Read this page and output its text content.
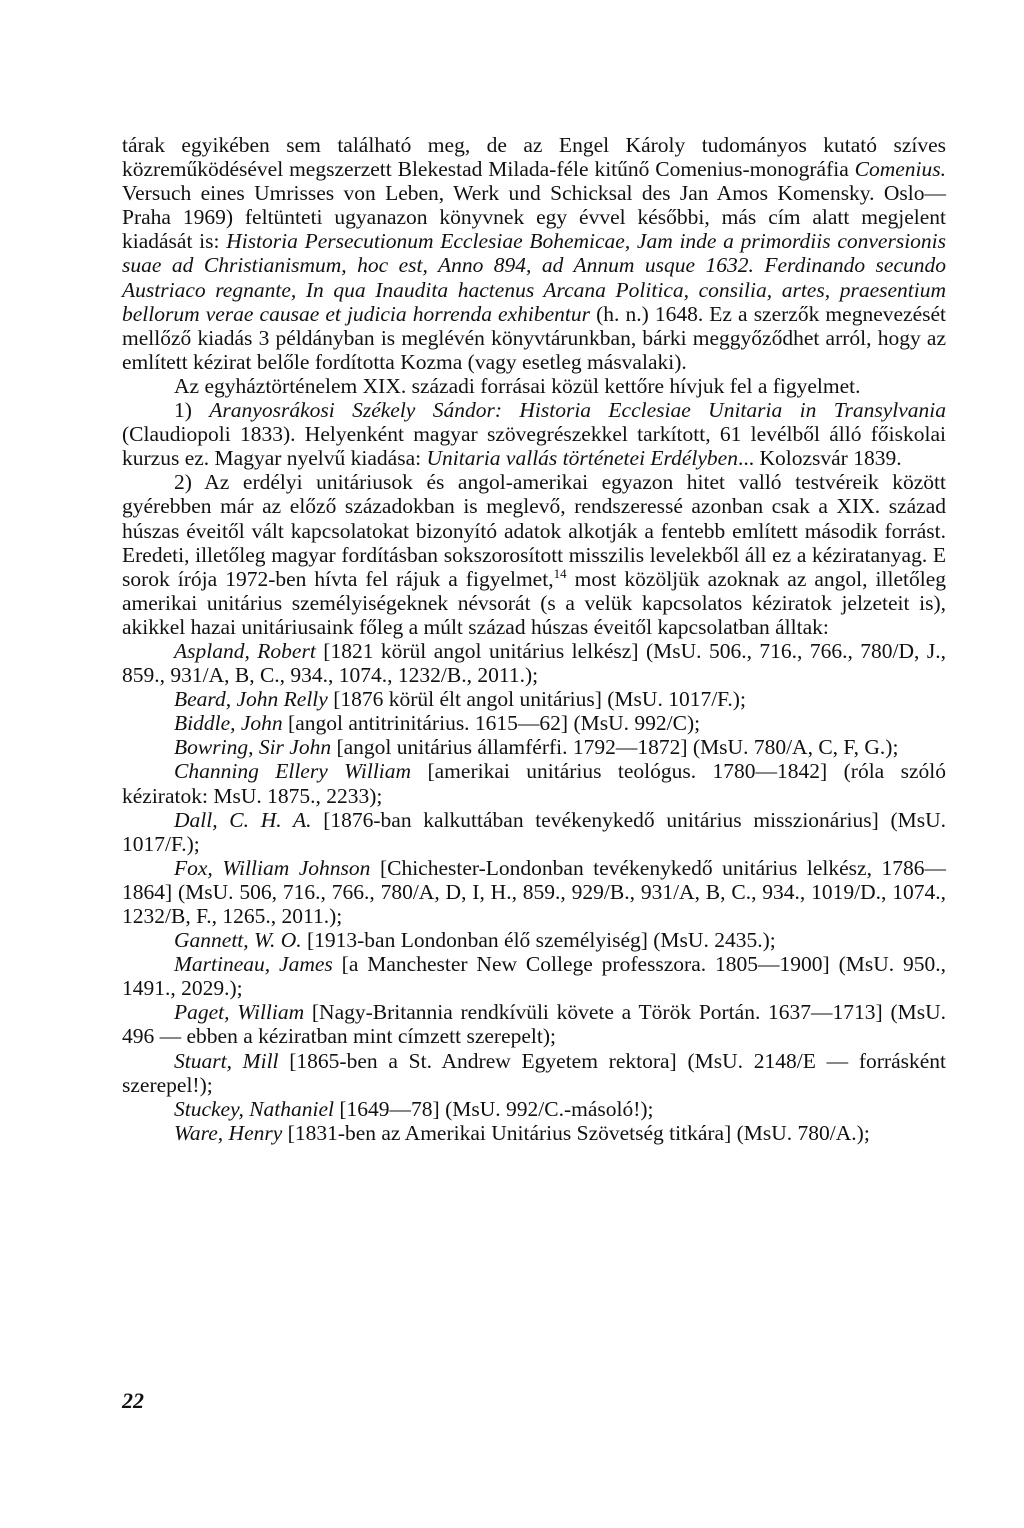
tárak egyikében sem található meg, de az Engel Károly tudományos kutató szíves közreműködésével megszerzett Blekestad Milada-féle kitűnő Comenius-monográfia Comenius. Versuch eines Umrisses von Leben, Werk und Schicksal des Jan Amos Komensky. Oslo—Praha 1969) feltünteti ugyanazon könyvnek egy évvel későbbi, más cím alatt megjelent kiadását is: Historia Persecutionum Ecclesiae Bohemicae, Jam inde a primordiis conversionis suae ad Christianismum, hoc est, Anno 894, ad Annum usque 1632. Ferdinando secundo Austriaco regnante, In qua Inaudita hactenus Arcana Politica, consilia, artes, praesentium bellorum verae causae et judicia horrenda exhibentur (h. n.) 1648. Ez a szerzők megnevezését mellőző kiadás 3 példányban is meglévén könyvtárunkban, bárki meggyőződhet arról, hogy az említett kézirat belőle fordította Kozma (vagy esetleg másvalaki).

Az egyháztörténelem XIX. századi forrásai közül kettőre hívjuk fel a figyelmet.

1) Aranyosrákosi Székely Sándor: Historia Ecclesiae Unitaria in Transylvania (Claudiopoli 1833). Helyenként magyar szövegrészekkel tarkított, 61 levélből álló főiskolai kurzus ez. Magyar nyelvű kiadása: Unitaria vallás történetei Erdélyben... Kolozsvár 1839.

2) Az erdélyi unitáriusok és angol-amerikai egyazon hitet valló testvéreik között gyérebben már az előző századokban is meglevő, rendszeressé azonban csak a XIX. század húszas éveitől vált kapcsolatokat bizonyító adatok alkotják a fentebb említett második forrást. Eredeti, illetőleg magyar fordításban sokszorosított misszilis levelekből áll ez a kéziratanyag. E sorok írója 1972-ben hívta fel rájuk a figyelmet,$^{14}$ most közöljük azoknak az angol, illetőleg amerikai unitárius személyiségeknek névsorát (s a velük kapcsolatos kéziratok jelzeteit is), akikkel hazai unitáriusaink főleg a múlt század húszas éveitől kapcsolatban álltak:

Aspland, Robert [1821 körül angol unitárius lelkész] (MsU. 506., 716., 766., 780/D, J., 859., 931/A, B, C., 934., 1074., 1232/B., 2011.);

Beard, John Relly [1876 körül élt angol unitárius] (MsU. 1017/F.);

Biddle, John [angol antitrinitárius. 1615—62] (MsU. 992/C);

Bowring, Sir John [angol unitárius államférfi. 1792—1872] (MsU. 780/A, C, F, G.);

Channing Ellery William [amerikai unitárius teológus. 1780—1842] (róla szóló kéziratok: MsU. 1875., 2233);

Dall, C. H. A. [1876-ban kalkuttában tevékenykedő unitárius misszionárius] (MsU. 1017/F.);

Fox, William Johnson [Chichester-Londonban tevékenykedő unitárius lelkész, 1786—1864] (MsU. 506, 716., 766., 780/A, D, I, H., 859., 929/B., 931/A, B, C., 934., 1019/D., 1074., 1232/B, F., 1265., 2011.);

Gannett, W. O. [1913-ban Londonban élő személyiség] (MsU. 2435.);

Martineau, James [a Manchester New College professzora. 1805—1900] (MsU. 950., 1491., 2029.);

Paget, William [Nagy-Britannia rendkívüli követe a Török Portán. 1637—1713] (MsU. 496 — ebben a kéziratban mint címzett szerepelt);

Stuart, Mill [1865-ben a St. Andrew Egyetem rektora] (MsU. 2148/E — forrásként szerepel!);

Stuckey, Nathaniel [1649—78] (MsU. 992/C.-másoló!);

Ware, Henry [1831-ben az Amerikai Unitárius Szövetség titkára] (MsU. 780/A.);

22
